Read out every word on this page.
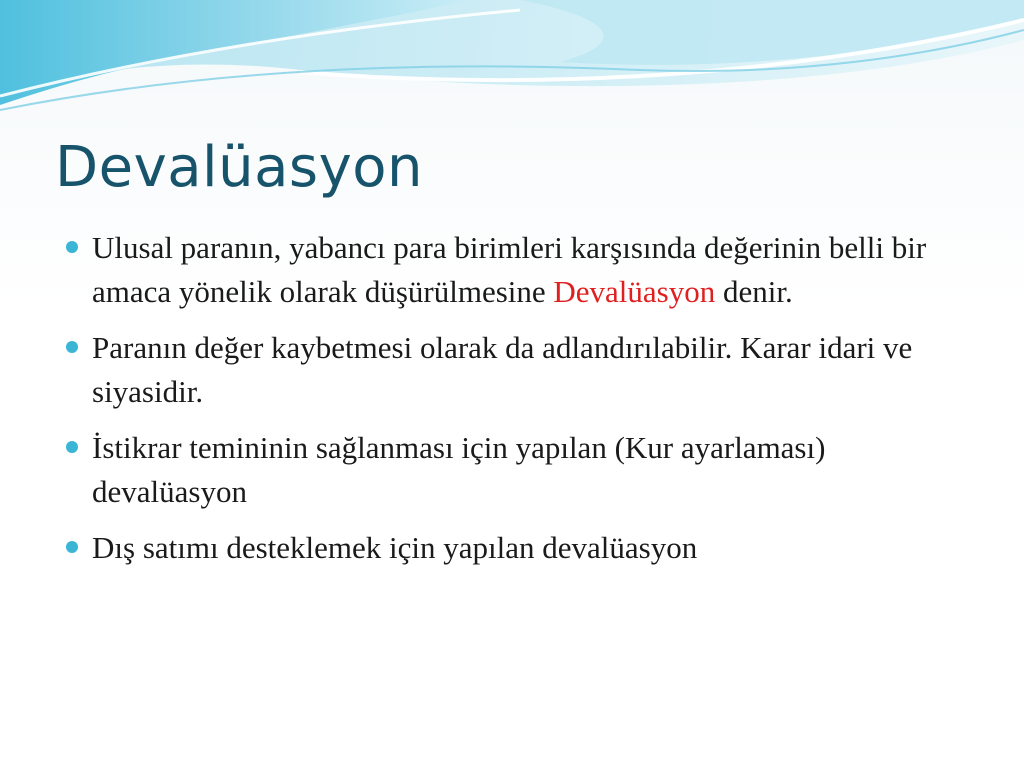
Devalüasyon
Ulusal paranın, yabancı para birimleri karşısında değerinin belli bir amaca yönelik olarak düşürülmesine Devalüasyon denir.
Paranın değer kaybetmesi olarak da adlandırılabilir. Karar idari ve siyasidir.
İstikrar temininin sağlanması için yapılan (Kur ayarlaması) devalüasyon
Dış satımı desteklemek için yapılan devalüasyon
